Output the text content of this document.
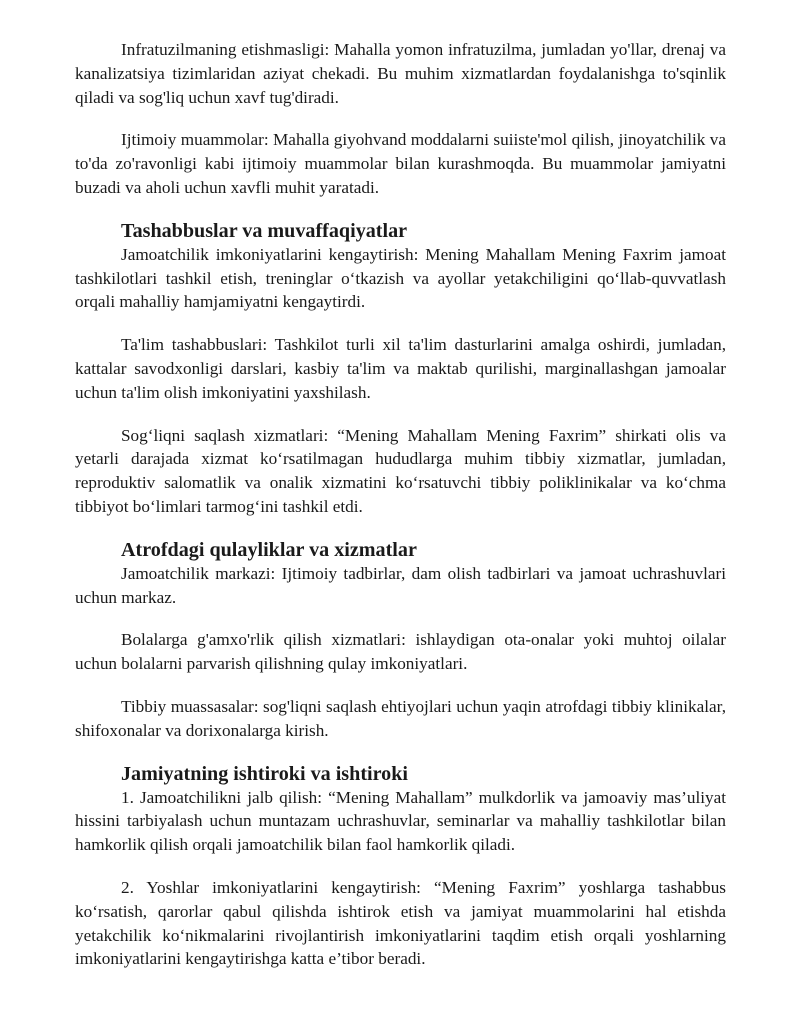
Infratuzilmaning etishmasligi: Mahalla yomon infratuzilma, jumladan yo'llar, drenaj va kanalizatsiya tizimlaridan aziyat chekadi. Bu muhim xizmatlardan foydalanishga to'sqinlik qiladi va sog'liq uchun xavf tug'diradi.

Ijtimoiy muammolar: Mahalla giyohvand moddalarni suiiste'mol qilish, jinoyatchilik va to'da zo'ravonligi kabi ijtimoiy muammolar bilan kurashmoqda. Bu muammolar jamiyatni buzadi va aholi uchun xavfli muhit yaratadi.

Tashabbuslar va muvaffaqiyatlar

Jamoatchilik imkoniyatlarini kengaytirish: Mening Mahallam Mening Faxrim jamoat tashkilotlari tashkil etish, treninglar o‘tkazish va ayollar yetakchiligini qo‘llab-quvvatlash orqali mahalliy hamjamiyatni kengaytirdi.

Ta'lim tashabbuslari: Tashkilot turli xil ta'lim dasturlarini amalga oshirdi, jumladan, kattalar savodxonligi darslari, kasbiy ta'lim va maktab qurilishi, marginallashgan jamoalar uchun ta'lim olish imkoniyatini yaxshilash.

Sog‘liqni saqlash xizmatlari: “Mening Mahallam Mening Faxrim” shirkati olis va yetarli darajada xizmat ko‘rsatilmagan hududlarga muhim tibbiy xizmatlar, jumladan, reproduktiv salomatlik va onalik xizmatini ko‘rsatuvchi tibbiy poliklinikalar va ko‘chma tibbiyot bo‘limlari tarmog‘ini tashkil etdi.

Atrofdagi qulayliklar va xizmatlar

Jamoatchilik markazi: Ijtimoiy tadbirlar, dam olish tadbirlari va jamoat uchrashuvlari uchun markaz.

Bolalarga g'amxo'rlik qilish xizmatlari: ishlaydigan ota-onalar yoki muhtoj oilalar uchun bolalarni parvarish qilishning qulay imkoniyatlari.

Tibbiy muassasalar: sog'liqni saqlash ehtiyojlari uchun yaqin atrofdagi tibbiy klinikalar, shifoxonalar va dorixonalarga kirish.

Jamiyatning ishtiroki va ishtiroki

1. Jamoatchilikni jalb qilish: “Mening Mahallam” mulkdorlik va jamoaviy mas’uliyat hissini tarbiyalash uchun muntazam uchrashuvlar, seminarlar va mahalliy tashkilotlar bilan hamkorlik qilish orqali jamoatchilik bilan faol hamkorlik qiladi.

2. Yoshlar imkoniyatlarini kengaytirish: “Mening Faxrim” yoshlarga tashabbus ko‘rsatish, qarorlar qabul qilishda ishtirok etish va jamiyat muammolarini hal etishda yetakchilik ko‘nikmalarini rivojlantirish imkoniyatlarini taqdim etish orqali yoshlarning imkoniyatlarini kengaytirishga katta e’tibor beradi.
